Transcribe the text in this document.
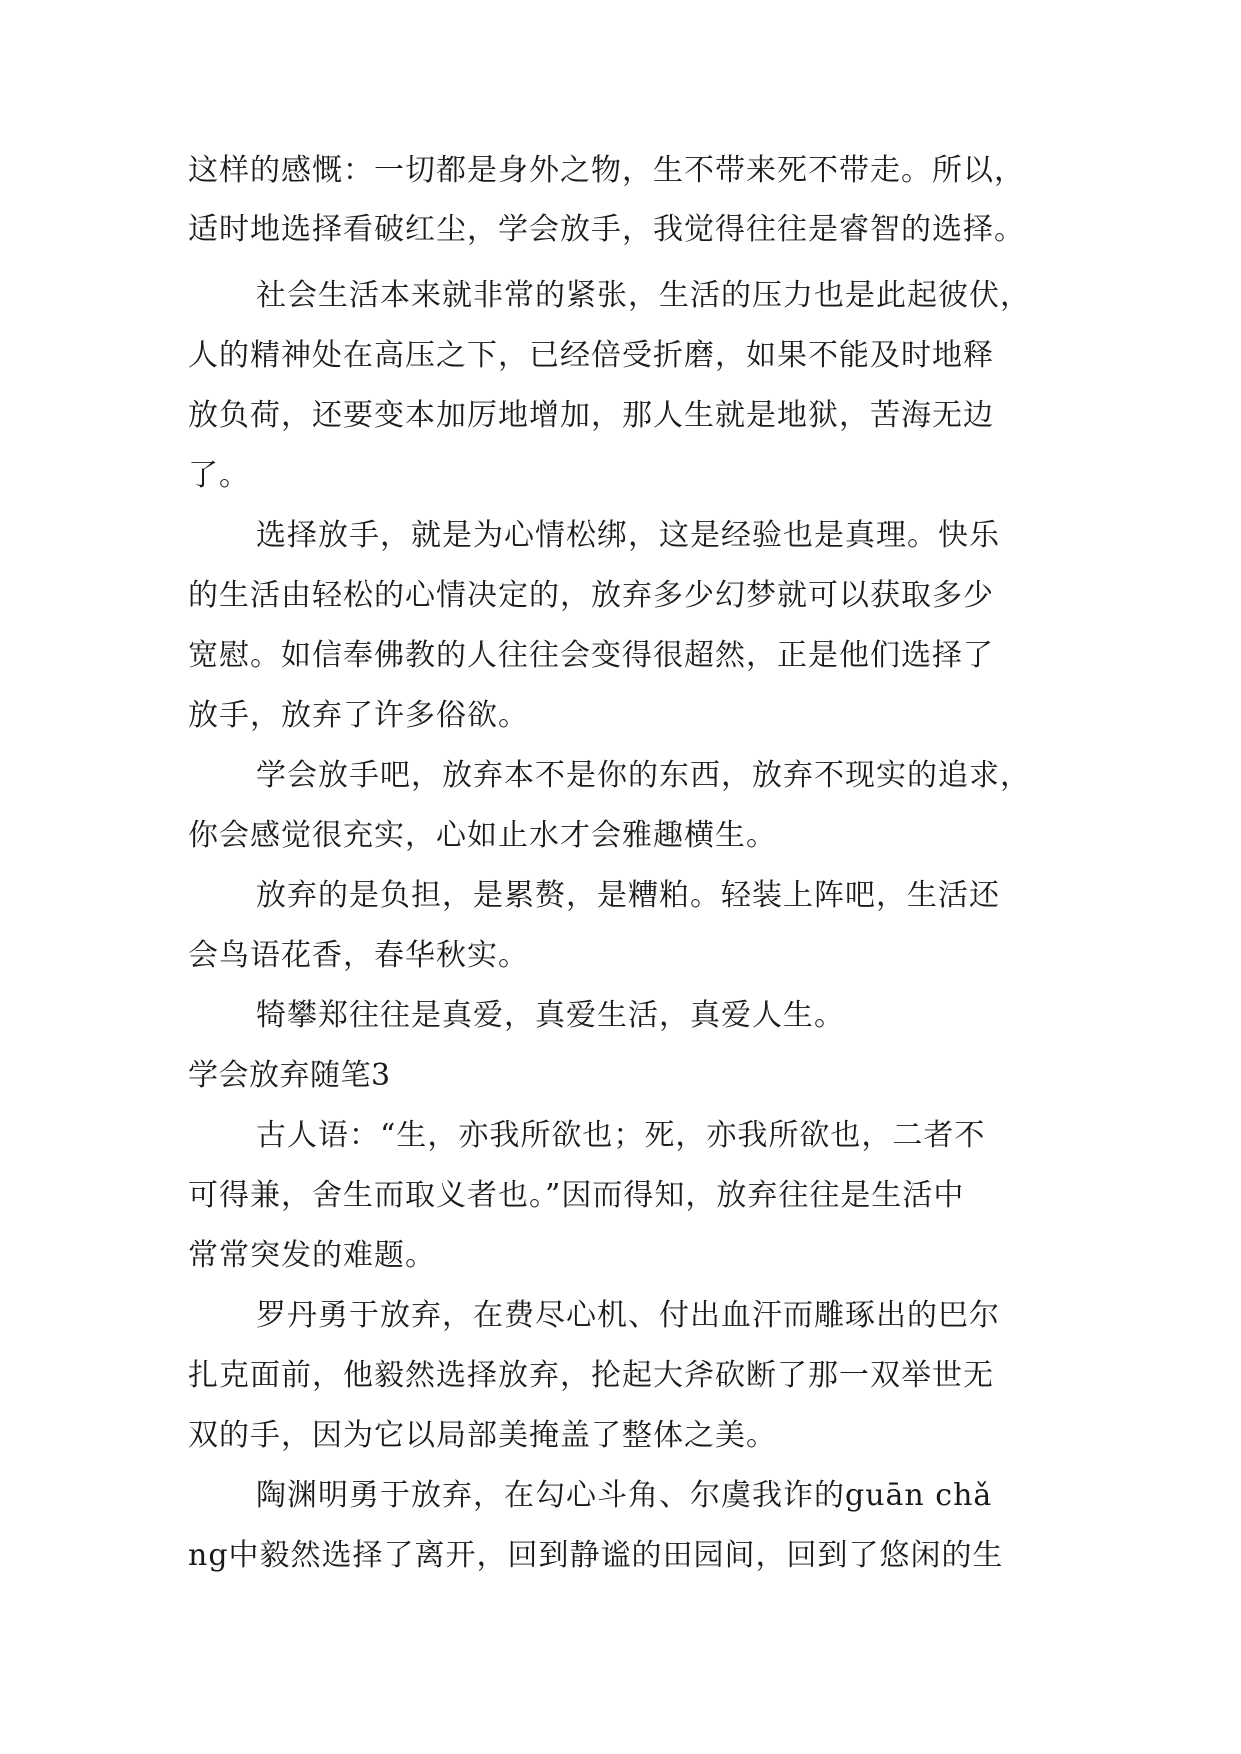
这样的感慨：一切都是身外之物，生不带来死不带走。所以，
适时地选择看破红尘，学会放手，我觉得往往是睿智的选择。
社会生活本来就非常的紧张，生活的压力也是此起彼伏，
人的精神处在高压之下，已经倍受折磨，如果不能及时地释
放负荷，还要变本加厉地增加，那人生就是地狱，苦海无边
了。
选择放手，就是为心情松绑，这是经验也是真理。快乐
的生活由轻松的心情决定的，放弃多少幻梦就可以获取多少
宽慰。如信奉佛教的人往往会变得很超然，正是他们选择了
放手，放弃了许多俗欲。
学会放手吧，放弃本不是你的东西，放弃不现实的追求，
你会感觉很充实，心如止水才会雅趣横生。
放弃的是负担，是累赘，是糟粕。轻装上阵吧，生活还
会鸟语花香，春华秋实。
犄攀郑往往是真爱，真爱生活，真爱人生。
学会放弃随笔3
古人语：“生，亦我所欲也；死，亦我所欲也，二者不
可得兼，舍生而取义者也。”因而得知，放弃往往是生活中
常常突发的难题。
罗丹勇于放弃，在费尽心机、付出血汗而雕琢出的巴尔
扎克面前，他毅然选择放弃，抡起大斧砍断了那一双举世无
双的手，因为它以局部美掩盖了整体之美。
陶渊明勇于放弃，在勾心斗角、尔虞我诈的guān chǎ
ng中毅然选择了离开，回到静谧的田园间，回到了悠闲的生
